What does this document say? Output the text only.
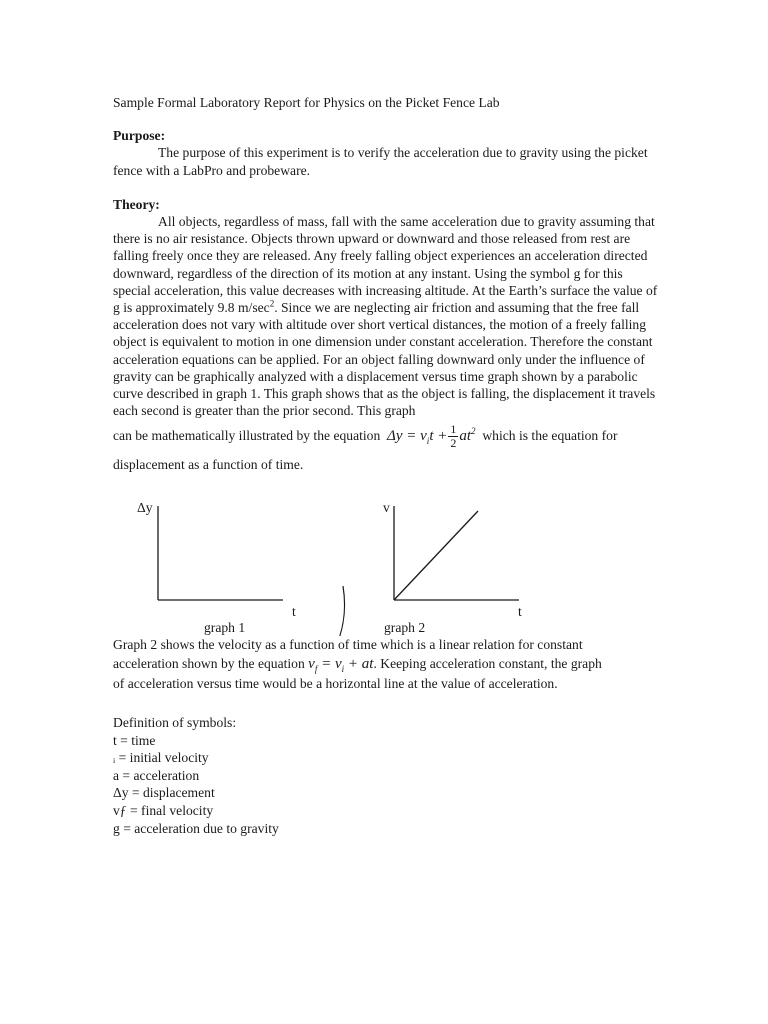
Sample Formal Laboratory Report for Physics on the Picket Fence Lab

Purpose:

The purpose of this experiment is to verify the acceleration due to gravity using the picket fence with a LabPro and probeware.

Theory:

All objects, regardless of mass, fall with the same acceleration due to gravity assuming that there is no air resistance. Objects thrown upward or downward and those released from rest are falling freely once they are released. Any freely falling object experiences an acceleration directed downward, regardless of the direction of its motion at any instant. Using the symbol g for this special acceleration, this value decreases with increasing altitude. At the Earth’s surface the value of g is approximately 9.8 $m/\sec^2$. Since we are neglecting air friction and assuming that the free fall acceleration does not vary with altitude over short vertical distances, the motion of a freely falling object is equivalent to motion in one dimension under constant acceleration. Therefore the constant acceleration equations can be applied. For an object falling downward only under the influence of gravity can be graphically analyzed with a displacement versus time graph shown by a parabolic curve described in graph 1. This graph shows that as the object is falling, the displacement it travels each second is greater than the prior second. This graph

can be mathematically illustrated by the equation $\Delta y = v_it + \frac{1}{2} at^2$ which is the equation for

displacement as a function of time.

Δy
t
graph 1
v
t
graph 2

Graph 2 shows the velocity as a function of time which is a linear relation for constant

acceleration shown by the equation $v_f = v_i$ + at. Keeping acceleration constant, the graph

of acceleration versus time would be a horizontal line at the value of acceleration.

Definition of symbols:

t = time

ᵢ = initial velocity

a = acceleration

Δy = displacement

vƒ = final velocity

g = acceleration due to gravity
